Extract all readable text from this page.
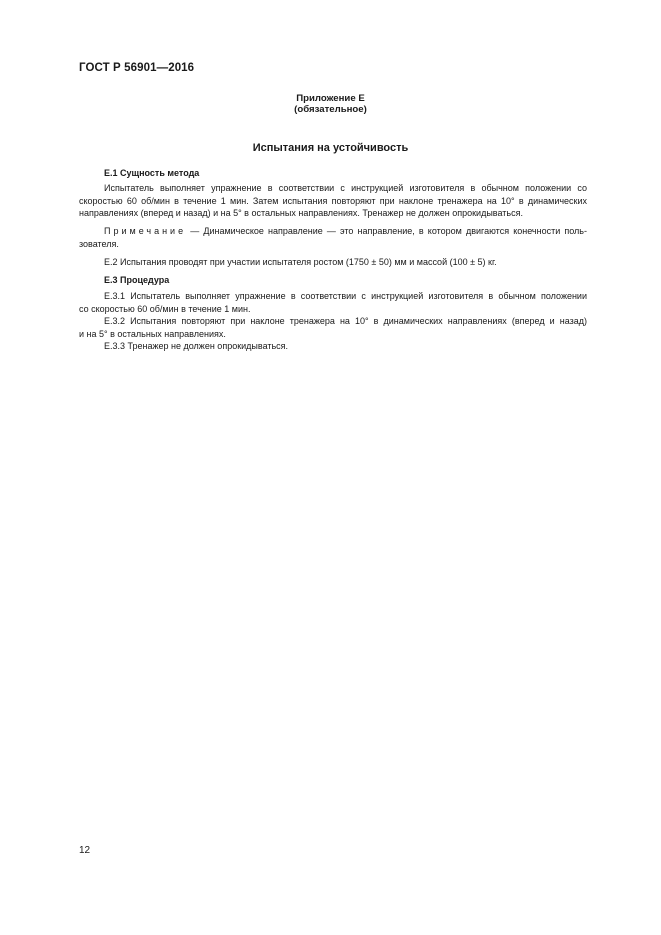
ГОСТ Р 56901—2016
Приложение Е
(обязательное)
Испытания на устойчивость
Е.1 Сущность метода
Испытатель выполняет упражнение в соответствии с инструкцией изготовителя в обычном положении со
скоростью 60 об/мин в течение 1 мин. Затем испытания повторяют при наклоне тренажера на 10° в динамических
направлениях (вперед и назад) и на 5° в остальных направлениях. Тренажер не должен опрокидываться.
Примечание — Динамическое направление — это направление, в котором двигаются конечности поль-
зователя.
Е.2 Испытания проводят при участии испытателя ростом (1750 ± 50) мм и массой (100 ± 5) кг.
Е.3 Процедура
Е.3.1 Испытатель выполняет упражнение в соответствии с инструкцией изготовителя в обычном положении
со скоростью 60 об/мин в течение 1 мин.
Е.3.2 Испытания повторяют при наклоне тренажера на 10° в динамических направлениях (вперед и назад)
и на 5° в остальных направлениях.
Е.3.3 Тренажер не должен опрокидываться.
12
